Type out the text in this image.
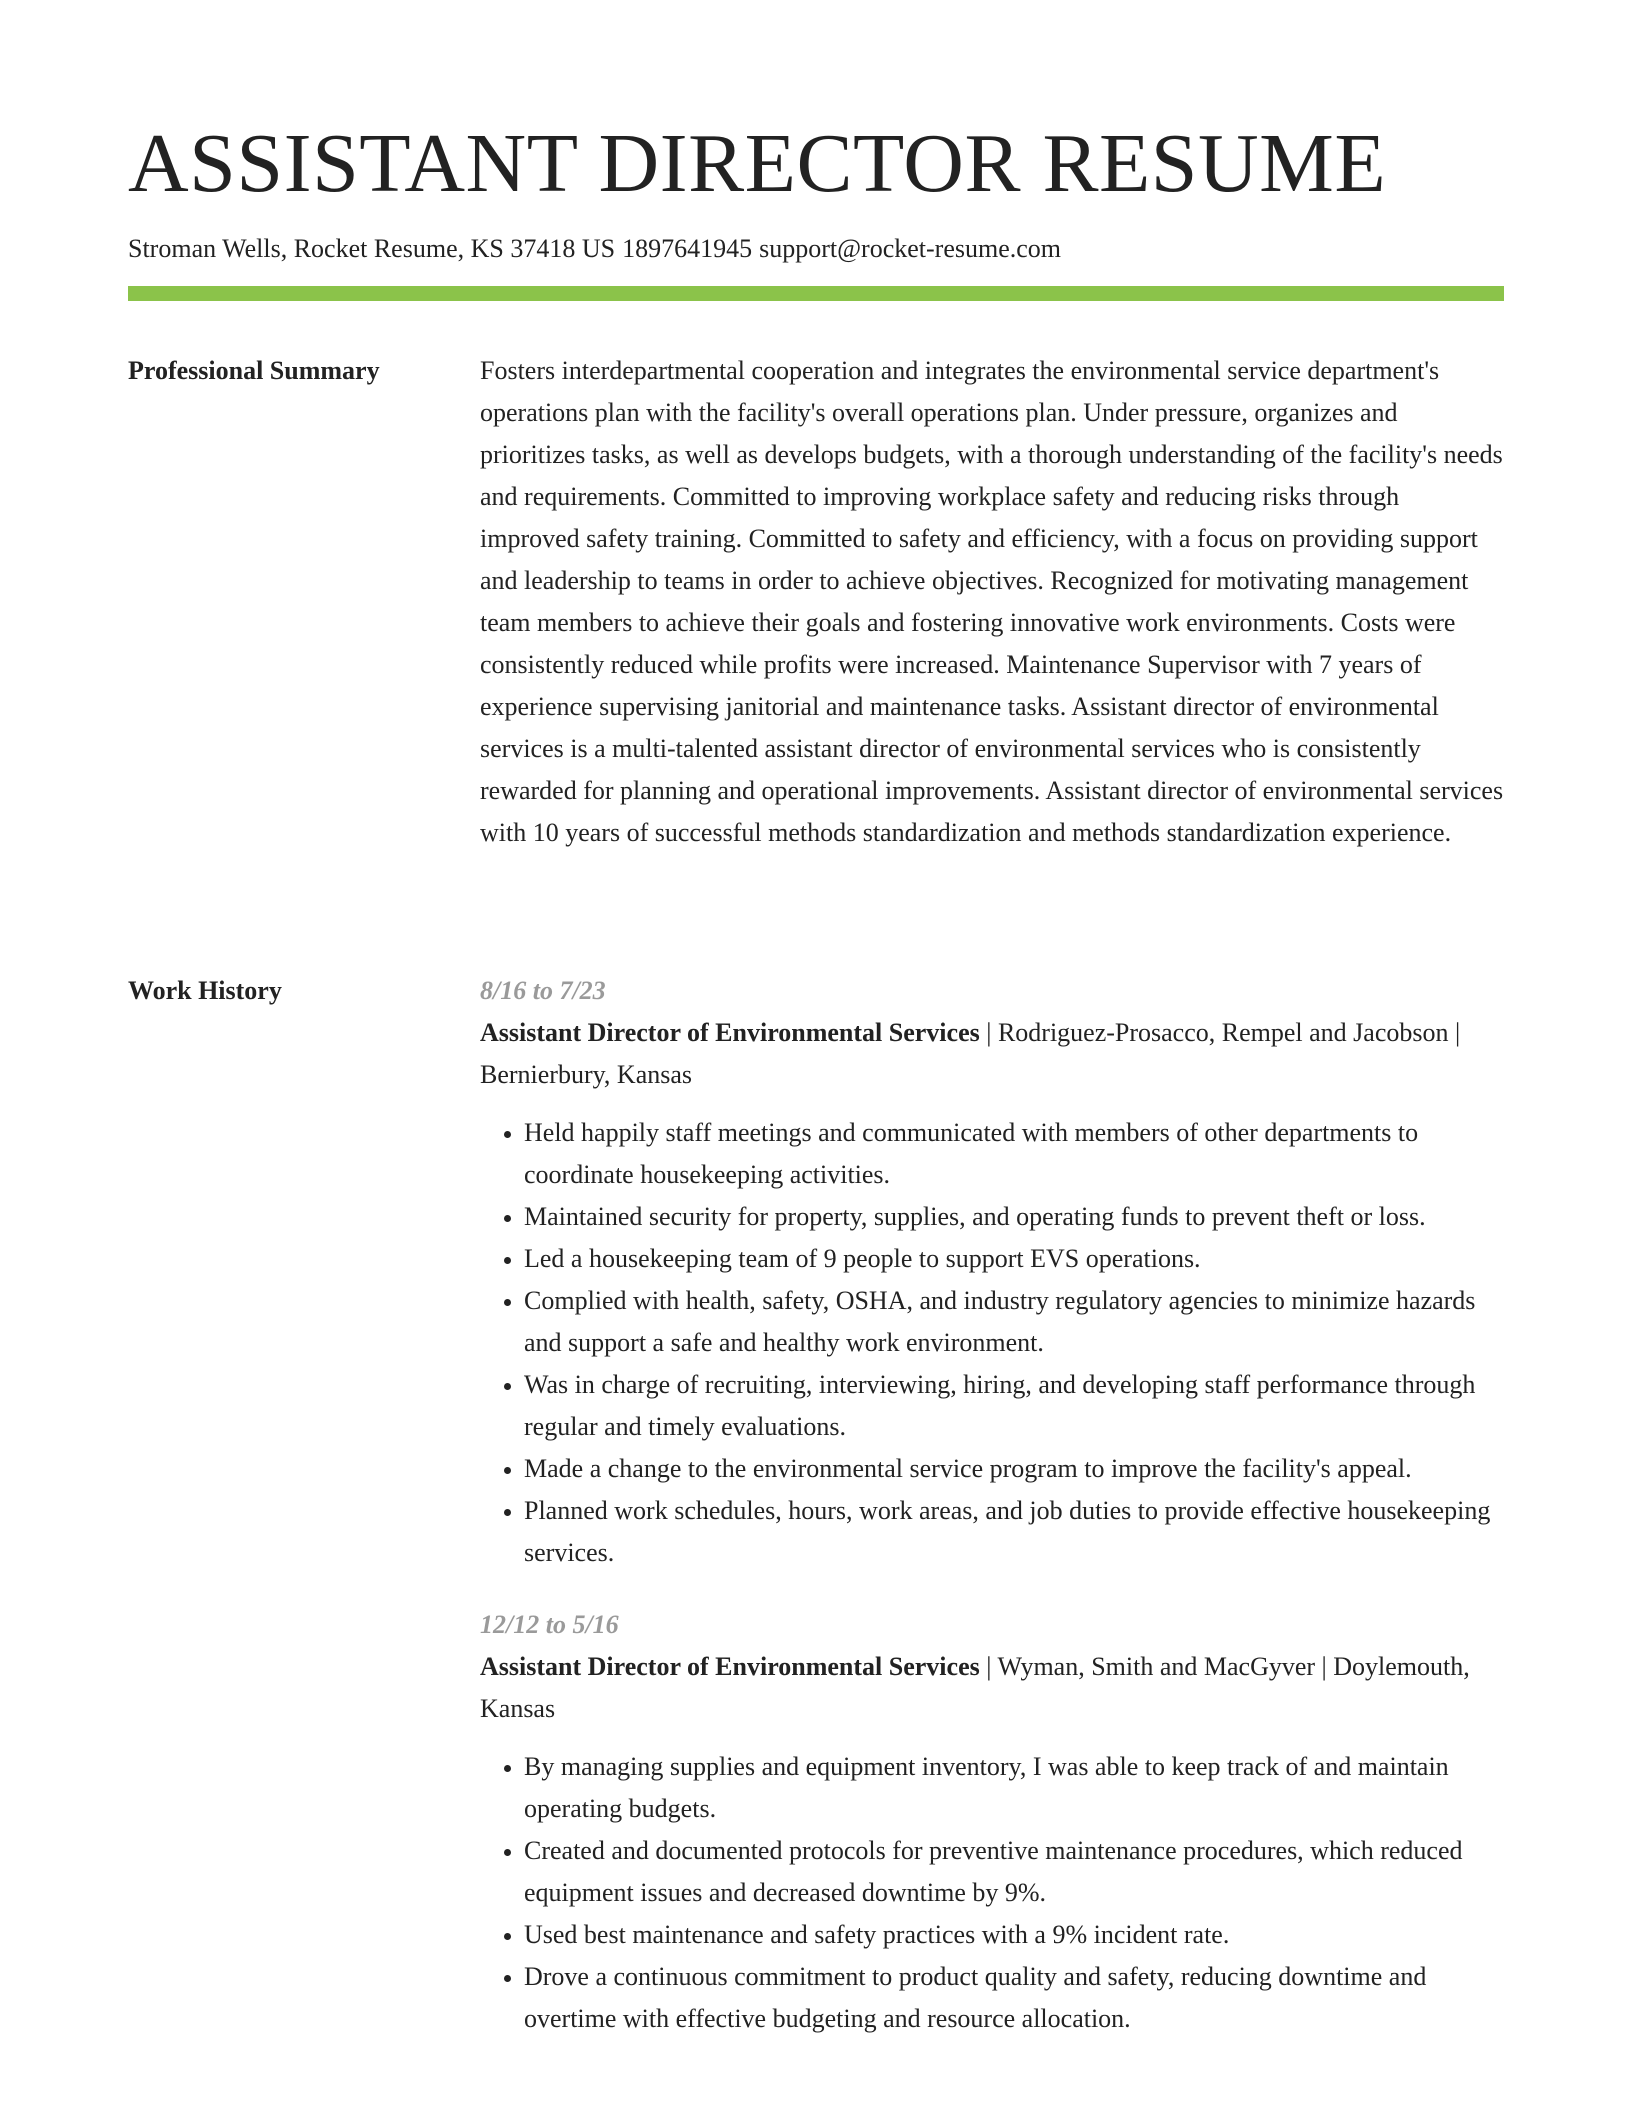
ASSISTANT DIRECTOR RESUME
Stroman Wells, Rocket Resume, KS 37418 US 1897641945 support@rocket-resume.com
Professional Summary	Fosters interdepartmental cooperation and integrates the environmental service department's operations plan with the facility's overall operations plan. Under pressure, organizes and prioritizes tasks, as well as develops budgets, with a thorough understanding of the facility's needs and requirements. Committed to improving workplace safety and reducing risks through improved safety training. Committed to safety and efficiency, with a focus on providing support and leadership to teams in order to achieve objectives. Recognized for motivating management team members to achieve their goals and fostering innovative work environments. Costs were consistently reduced while profits were increased. Maintenance Supervisor with 7 years of experience supervising janitorial and maintenance tasks. Assistant director of environmental services is a multi-talented assistant director of environmental services who is consistently rewarded for planning and operational improvements. Assistant director of environmental services with 10 years of successful methods standardization and methods standardization experience.

Work History	8/16 to 7/23
Assistant Director of Environmental Services | Rodriguez-Prosacco, Rempel and Jacobson | Bernierbury, Kansas
• Held happily staff meetings and communicated with members of other departments to coordinate housekeeping activities.
• Maintained security for property, supplies, and operating funds to prevent theft or loss.
• Led a housekeeping team of 9 people to support EVS operations.
• Complied with health, safety, OSHA, and industry regulatory agencies to minimize hazards and support a safe and healthy work environment.
• Was in charge of recruiting, interviewing, hiring, and developing staff performance through regular and timely evaluations.
• Made a change to the environmental service program to improve the facility's appeal.
• Planned work schedules, hours, work areas, and job duties to provide effective housekeeping services.
12/12 to 5/16
Assistant Director of Environmental Services | Wyman, Smith and MacGyver | Doylemouth, Kansas
• By managing supplies and equipment inventory, I was able to keep track of and maintain operating budgets.
• Created and documented protocols for preventive maintenance procedures, which reduced equipment issues and decreased downtime by 9%.
• Used best maintenance and safety practices with a 9% incident rate.
• Drove a continuous commitment to product quality and safety, reducing downtime and overtime with effective budgeting and resource allocation.
